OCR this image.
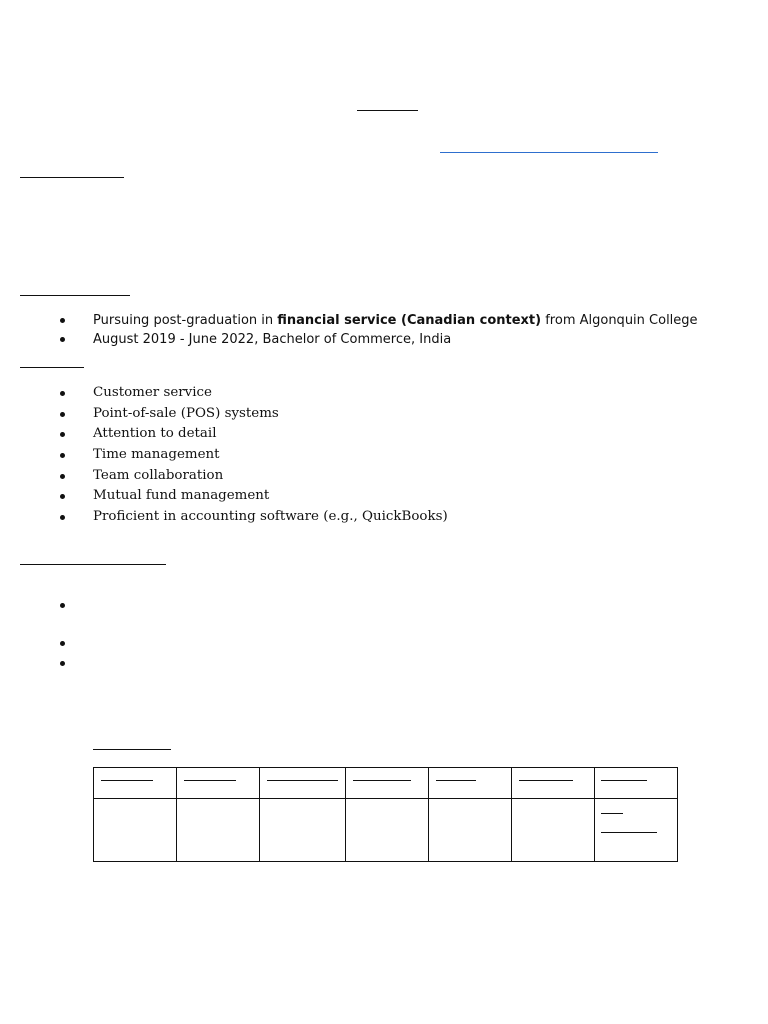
Pursuing post-graduation in financial service (Canadian context) from Algonquin College
August 2019 - June 2022, Bachelor of Commerce, India
Customer service
Point-of-sale (POS) systems
Attention to detail
Time management
Team collaboration
Mutual fund management
Proficient in accounting software (e.g., QuickBooks)
